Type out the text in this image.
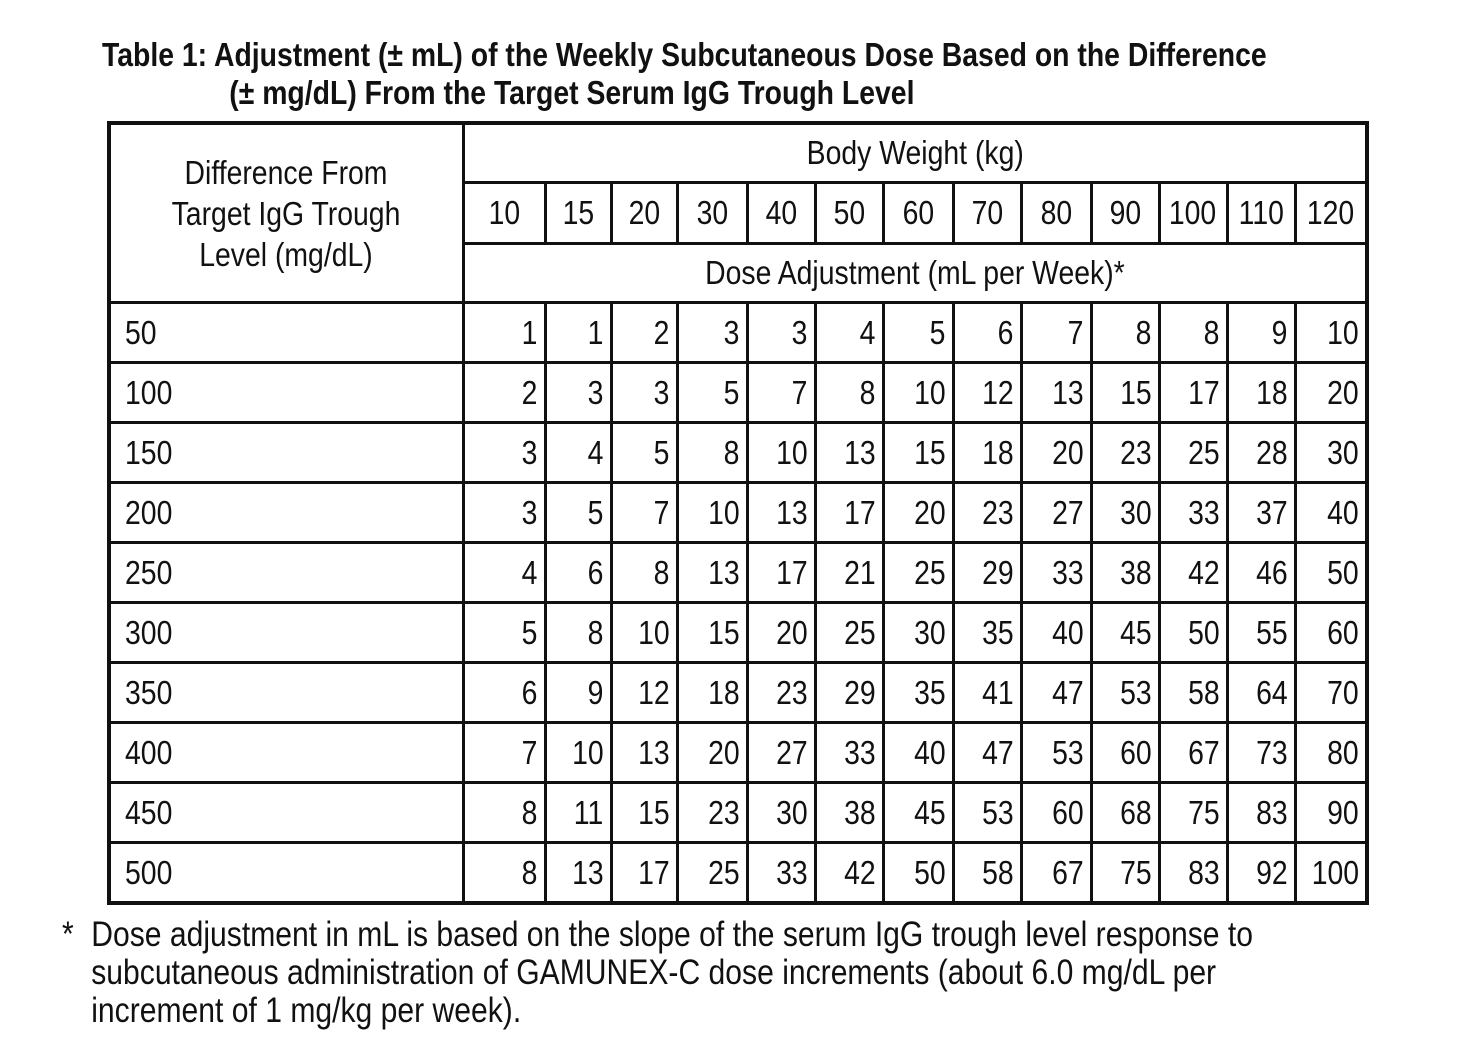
Table 1: Adjustment (± mL) of the Weekly Subcutaneous Dose Based on the Difference
(± mg/dL) From the Target Serum IgG Trough Level
Difference From
Target IgG Trough
Level (mg/dL)	Body Weight (kg)												
	10	15	20	30	40	50	60	70	80	90	100	110	120
	Dose Adjustment (mL per Week)*												
50	1	1	2	3	3	4	5	6	7	8	8	9	10
100	2	3	3	5	7	8	10	12	13	15	17	18	20
150	3	4	5	8	10	13	15	18	20	23	25	28	30
200	3	5	7	10	13	17	20	23	27	30	33	37	40
250	4	6	8	13	17	21	25	29	33	38	42	46	50
300	5	8	10	15	20	25	30	35	40	45	50	55	60
350	6	9	12	18	23	29	35	41	47	53	58	64	70
400	7	10	13	20	27	33	40	47	53	60	67	73	80
450	8	11	15	23	30	38	45	53	60	68	75	83	90
500	8	13	17	25	33	42	50	58	67	75	83	92	100
* Dose adjustment in mL is based on the slope of the serum IgG trough level response to
subcutaneous administration of GAMUNEX-C dose increments (about 6.0 mg/dL per
increment of 1 mg/kg per week).
